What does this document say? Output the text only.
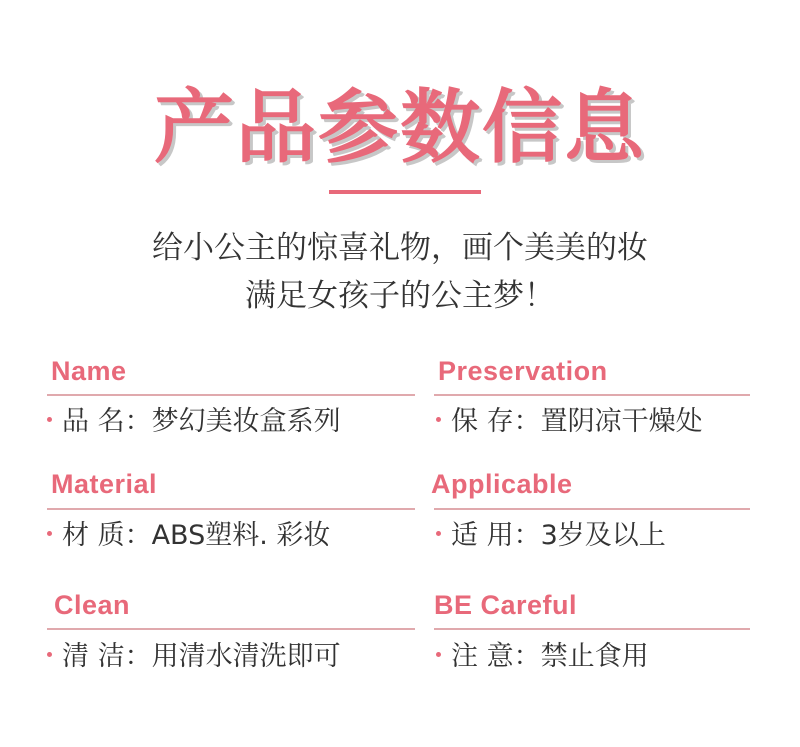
产品参数信息
给小公主的惊喜礼物，画个美美的妆
满足女孩子的公主梦！
Name
品 名：梦幻美妆盒系列
Preservation
保 存：置阴凉干燥处
Material
材 质：ABS塑料. 彩妆
Applicable
适 用：3岁及以上
Clean
清 洁：用清水清洗即可
BE Careful
注 意：禁止食用
